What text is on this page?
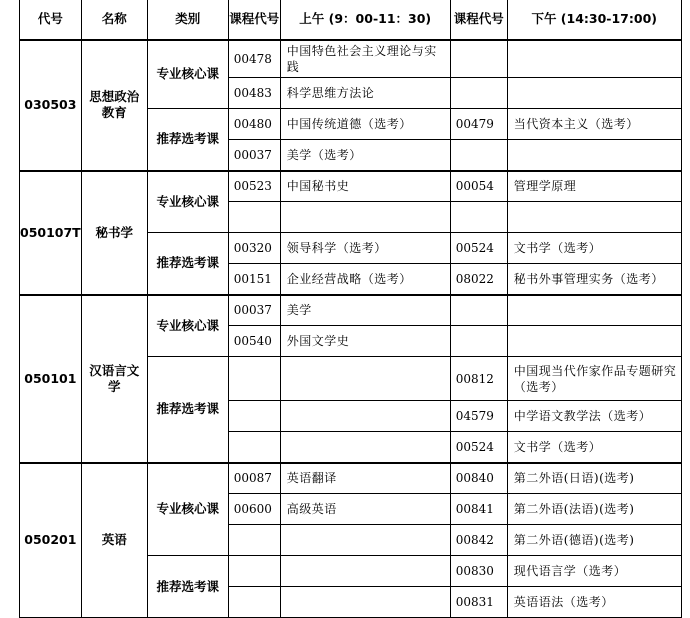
代号	名称	类别	课程代号	上午 (9：00-11：30)	课程代号	下午 (14:30-17:00)
030503	思想政治教育	专业核心课	00478	中国特色社会主义理论与实践		
			00483	科学思维方法论		
		推荐选考课	00480	中国传统道德（选考）	00479	当代资本主义（选考）
			00037	美学（选考）		
050107T	秘书学	专业核心课	00523	中国秘书史	00054	管理学原理

		推荐选考课	00320	领导科学（选考）	00524	文书学（选考）
			00151	企业经营战略（选考）	08022	秘书外事管理实务（选考）
050101	汉语言文学	专业核心课	00037	美学		
			00540	外国文学史		
		推荐选考课			00812	中国现当代作家作品专题研究（选考）
					04579	中学语文教学法（选考）
					00524	文书学（选考）
050201	英语	专业核心课	00087	英语翻译	00840	第二外语(日语)(选考)
			00600	高级英语	00841	第二外语(法语)(选考)
					00842	第二外语(德语)(选考)
		推荐选考课			00830	现代语言学（选考）
					00831	英语语法（选考）
